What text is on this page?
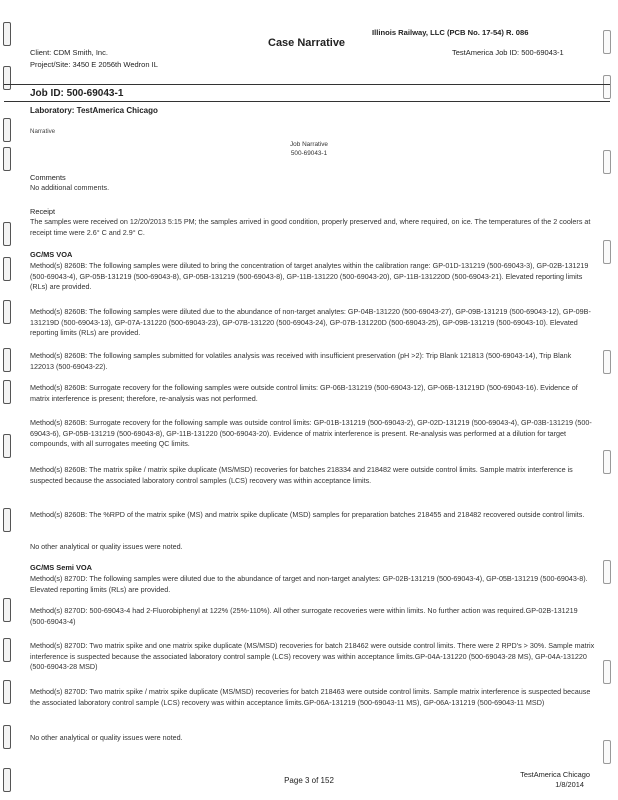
Illinois Railway, LLC (PCB No. 17-54) R. 086
Case Narrative
Client: CDM Smith, Inc.
Project/Site: 3450 E 2056th Wedron IL
TestAmerica Job ID: 500-69043-1
Job ID: 500-69043-1
Laboratory: TestAmerica Chicago
Narrative
Job Narrative
500-69043-1
Comments
No additional comments.
Receipt
The samples were received on 12/20/2013 5:15 PM; the samples arrived in good condition, properly preserved and, where required, on ice. The temperatures of the 2 coolers at receipt time were 2.6° C and 2.9° C.
GC/MS VOA
Method(s) 8260B: The following samples were diluted to bring the concentration of target analytes within the calibration range: GP-01D-131219 (500-69043-3), GP-02B-131219 (500-69043-4), GP-05B-131219 (500-69043-8), GP-05B-131219 (500-69043-8), GP-11B-131220 (500-69043-20), GP-11B-131220D (500-69043-21). Elevated reporting limits (RLs) are provided.
Method(s) 8260B: The following samples were diluted due to the abundance of non-target analytes: GP-04B-131220 (500-69043-27), GP-09B-131219 (500-69043-12), GP-09B-131219D (500-69043-13), GP-07A-131220 (500-69043-23), GP-07B-131220 (500-69043-24), GP-07B-131220D (500-69043-25), GP-09B-131219 (500-69043-10). Elevated reporting limits (RLs) are provided.
Method(s) 8260B: The following samples submitted for volatiles analysis was received with insufficient preservation (pH >2): Trip Blank 121813 (500-69043-14), Trip Blank 122013 (500-69043-22).
Method(s) 8260B: Surrogate recovery for the following samples were outside control limits: GP-06B-131219 (500-69043-12), GP-06B-131219D (500-69043-16). Evidence of matrix interference is present; therefore, re-analysis was not performed.
Method(s) 8260B: Surrogate recovery for the following sample was outside control limits: GP-01B-131219 (500-69043-2), GP-02D-131219 (500-69043-4), GP-03B-131219 (500-69043-6), GP-05B-131219 (500-69043-8), GP-11B-131220 (500-69043-20). Evidence of matrix interference is present. Re-analysis was performed at a dilution for target compounds, with all surrogates meeting QC limits.
Method(s) 8260B: The matrix spike / matrix spike duplicate (MS/MSD) recoveries for batches 218334 and 218482 were outside control limits. Sample matrix interference is suspected because the associated laboratory control samples (LCS) recovery was within acceptance limits.
Method(s) 8260B: The %RPD of the matrix spike (MS) and matrix spike duplicate (MSD) samples for preparation batches 218455 and 218482 recovered outside control limits.
No other analytical or quality issues were noted.
GC/MS Semi VOA
Method(s) 8270D: The following samples were diluted due to the abundance of target and non-target analytes: GP-02B-131219 (500-69043-4), GP-05B-131219 (500-69043-8). Elevated reporting limits (RLs) are provided.
Method(s) 8270D: 500-69043-4 had 2-Fluorobiphenyl at 122% (25%-110%). All other surrogate recoveries were within limits. No further action was required.GP-02B-131219 (500-69043-4)
Method(s) 8270D: Two matrix spike and one matrix spike duplicate (MS/MSD) recoveries for batch 218462 were outside control limits. There were 2 RPD's > 30%. Sample matrix interference is suspected because the associated laboratory control sample (LCS) recovery was within acceptance limits.GP-04A-131220 (500-69043-28 MS), GP-04A-131220 (500-69043-28 MSD)
Method(s) 8270D: Two matrix spike / matrix spike duplicate (MS/MSD) recoveries for batch 218463 were outside control limits. Sample matrix interference is suspected because the associated laboratory control sample (LCS) recovery was within acceptance limits.GP-06A-131219 (500-69043-11 MS), GP-06A-131219 (500-69043-11 MSD)
No other analytical or quality issues were noted.
Page 3 of 152
TestAmerica Chicago
1/8/2014
